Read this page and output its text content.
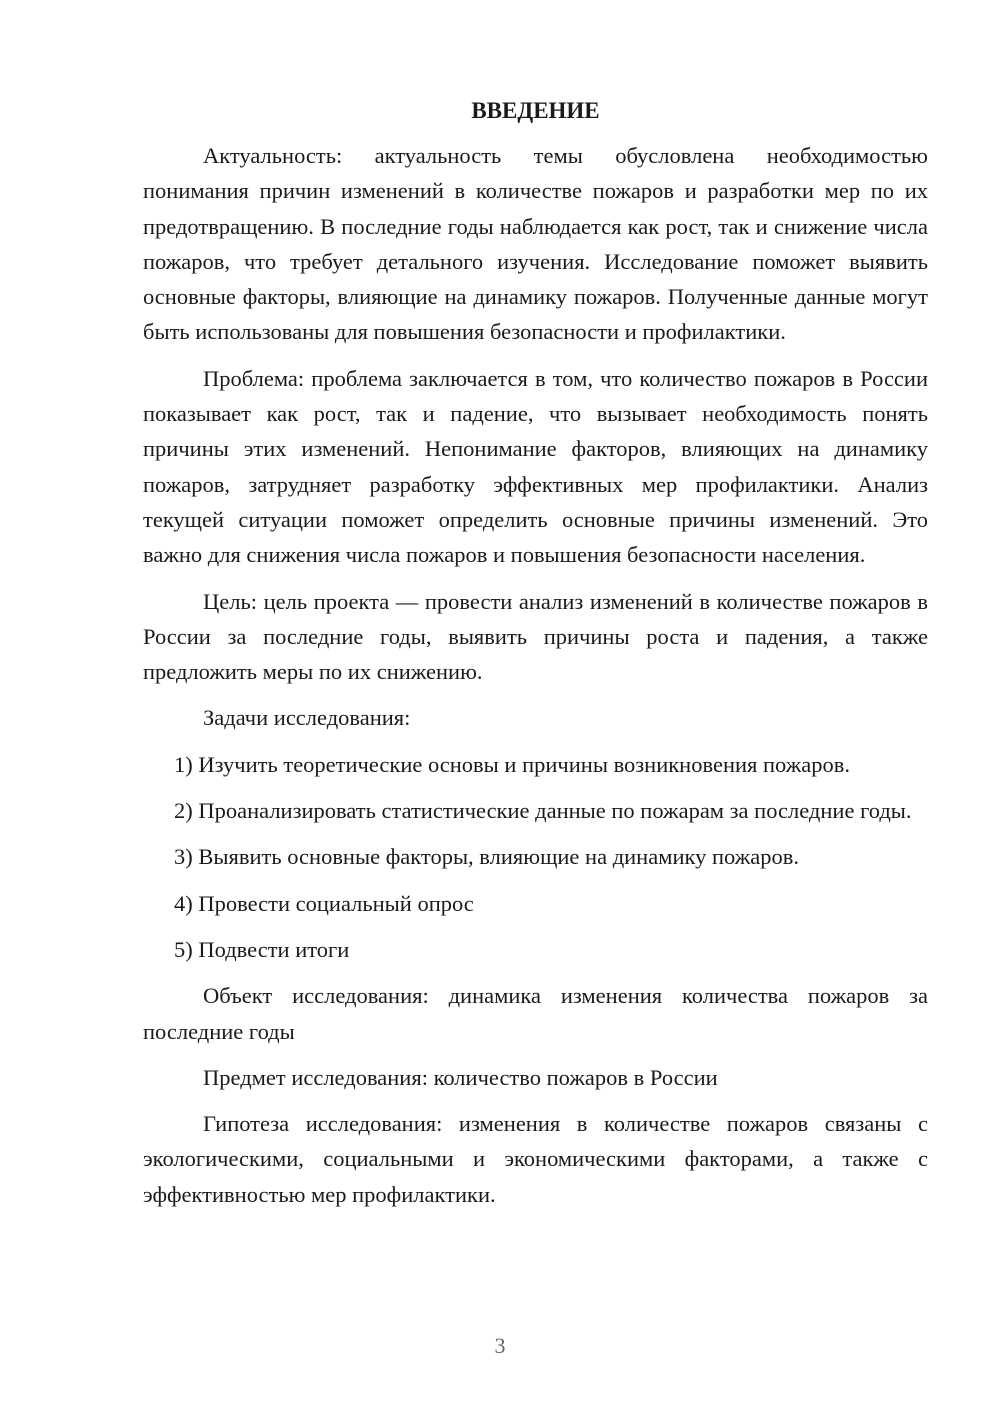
ВВЕДЕНИЕ

Актуальность: актуальность темы обусловлена необходимостью понимания причин изменений в количестве пожаров и разработки мер по их предотвращению. В последние годы наблюдается как рост, так и снижение числа пожаров, что требует детального изучения. Исследование поможет выявить основные факторы, влияющие на динамику пожаров. Полученные данные могут быть использованы для повышения безопасности и профилактики.

Проблема: проблема заключается в том, что количество пожаров в России показывает как рост, так и падение, что вызывает необходимость понять причины этих изменений. Непонимание факторов, влияющих на динамику пожаров, затрудняет разработку эффективных мер профилактики. Анализ текущей ситуации поможет определить основные причины изменений. Это важно для снижения числа пожаров и повышения безопасности населения.

Цель: цель проекта — провести анализ изменений в количестве пожаров в России за последние годы, выявить причины роста и падения, а также предложить меры по их снижению.

Задачи исследования:

1) Изучить теоретические основы и причины возникновения пожаров.

2) Проанализировать статистические данные по пожарам за последние годы.

3) Выявить основные факторы, влияющие на динамику пожаров.

4) Провести социальный опрос

5) Подвести итоги

Объект исследования: динамика изменения количества пожаров за последние годы

Предмет исследования: количество пожаров в России

Гипотеза исследования: изменения в количестве пожаров связаны с экологическими, социальными и экономическими факторами, а также с эффективностью мер профилактики.

3
